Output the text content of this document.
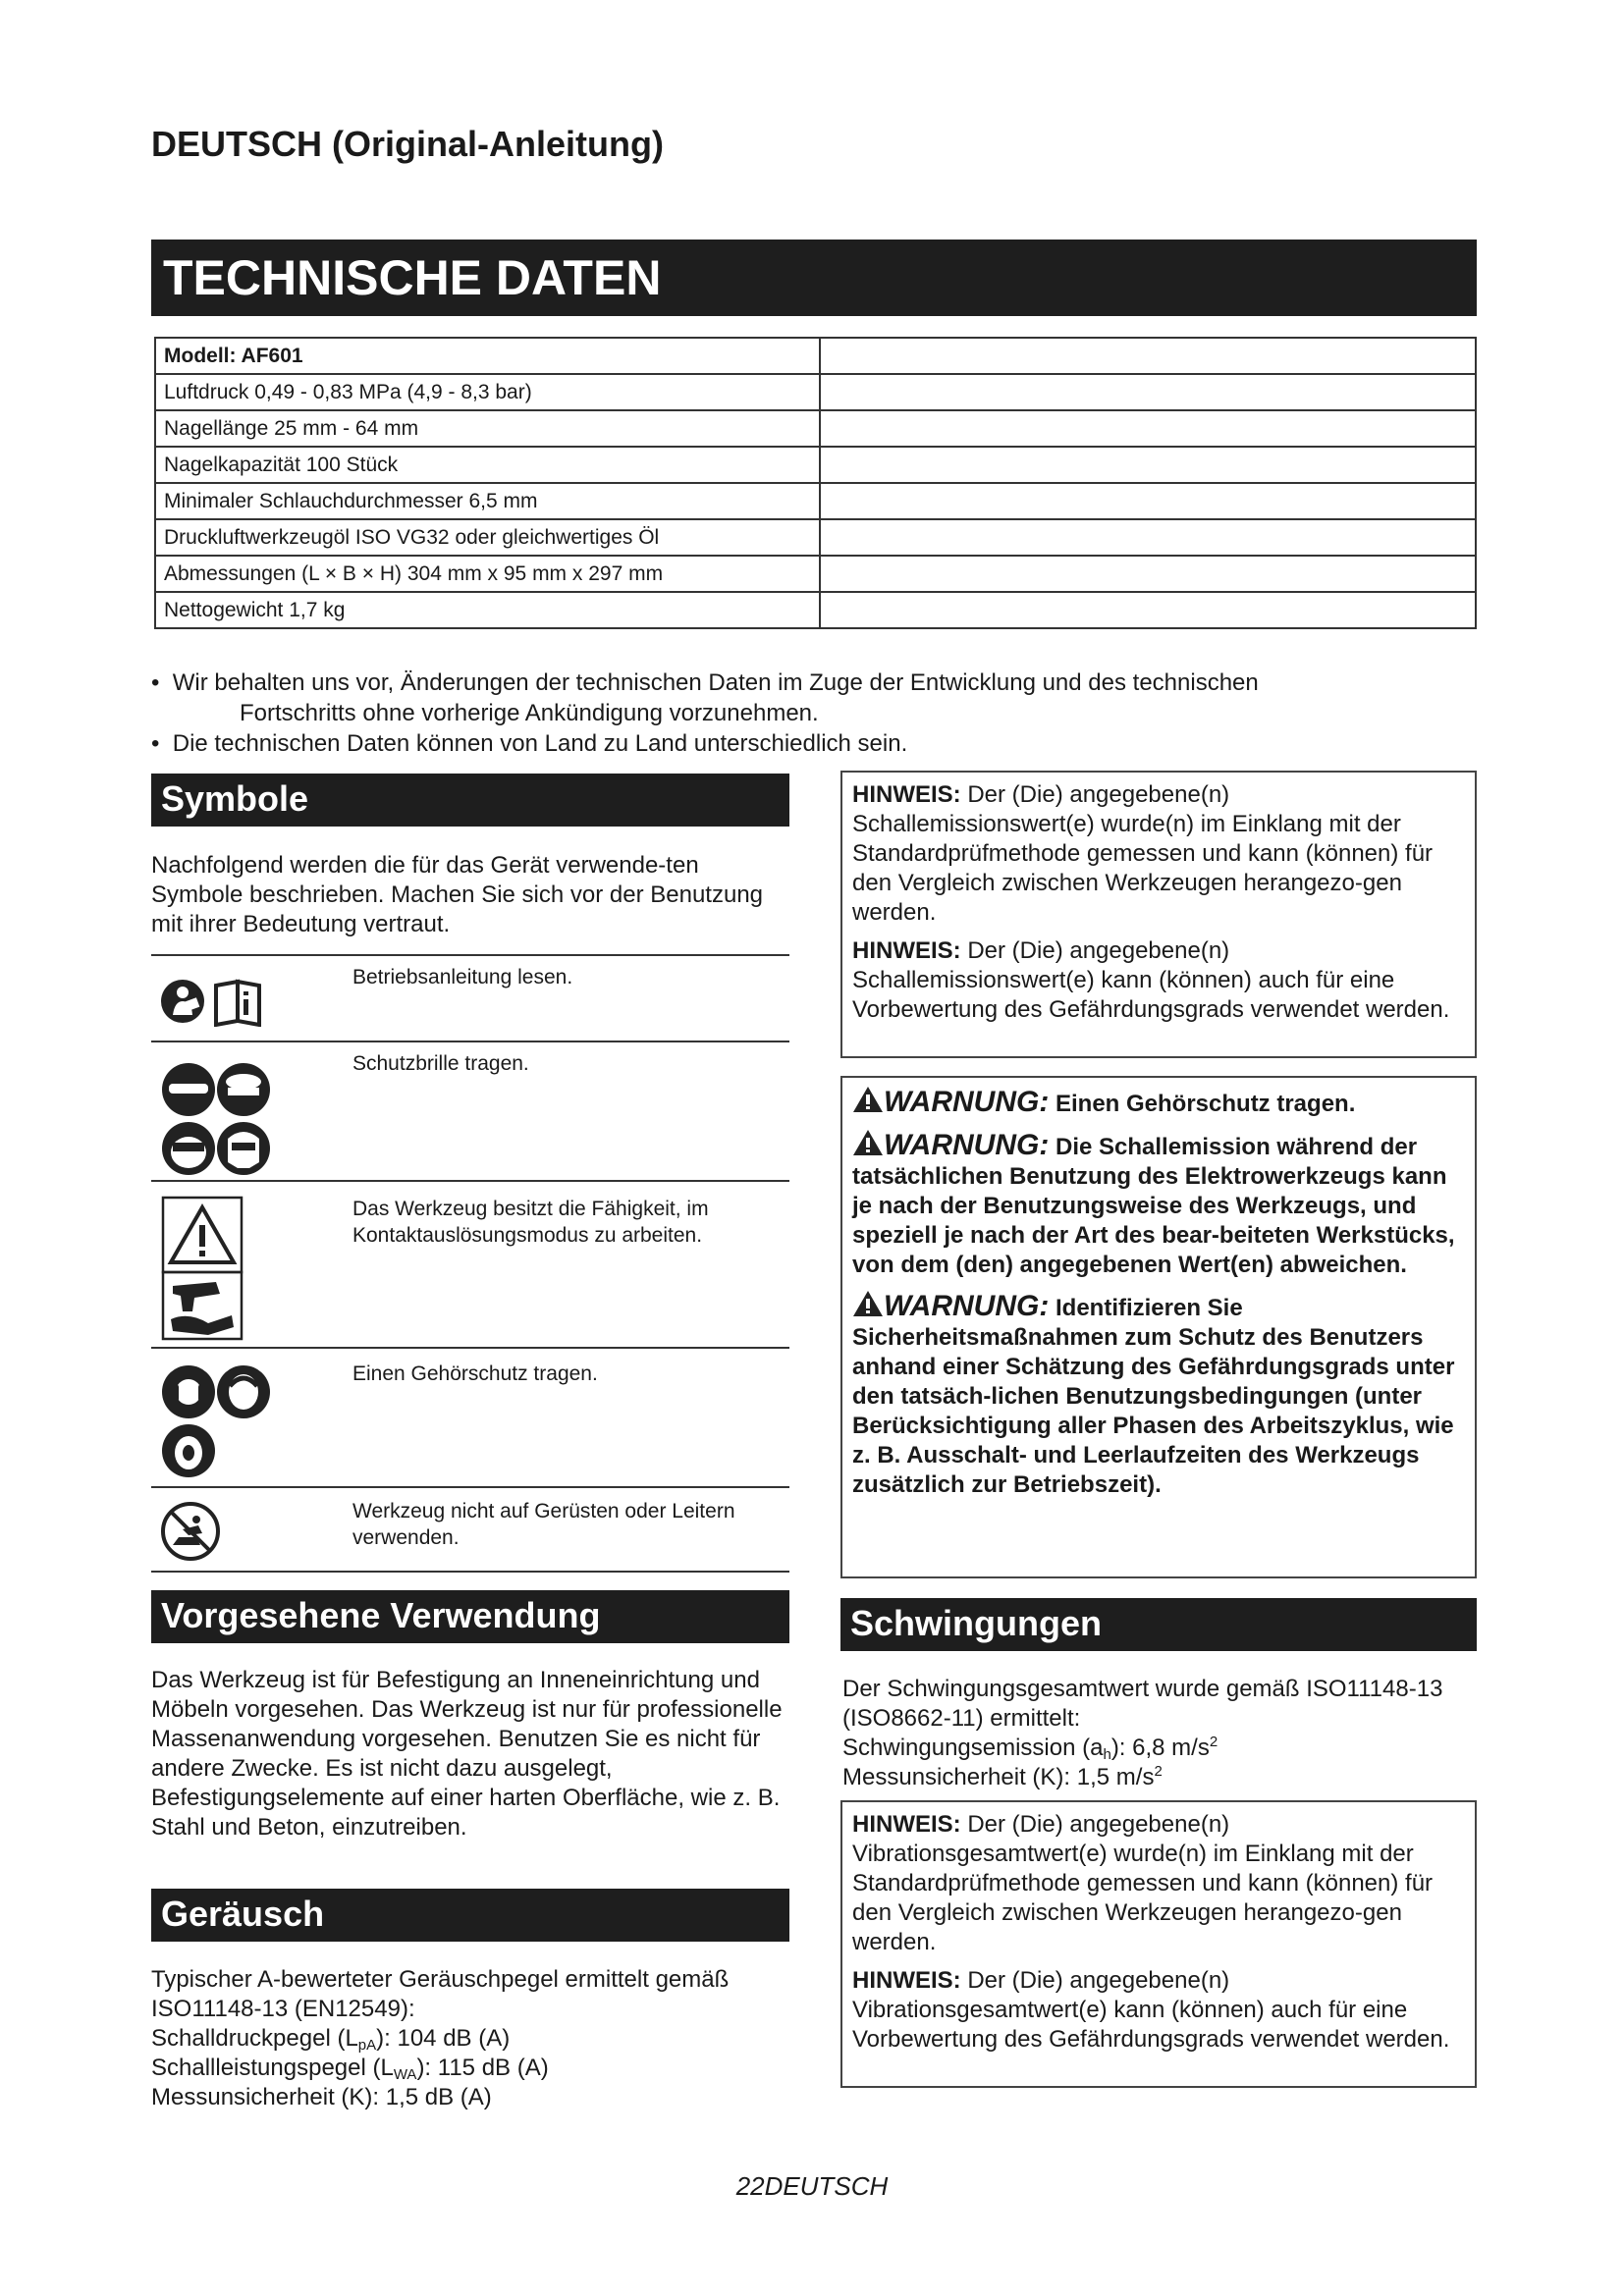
DEUTSCH (Original-Anleitung)
TECHNISCHE DATEN
Modell: AF601	
Luftdruck 0,49 - 0,83 MPa (4,9 - 8,3 bar)	
Nagellänge 25 mm - 64 mm	
Nagelkapazität 100 Stück	
Minimaler Schlauchdurchmesser 6,5 mm	
Druckluftwerkzeugöl ISO VG32 oder gleichwertiges Öl	
Abmessungen (L × B × H) 304 mm x 95 mm x 297 mm	
Nettogewicht 1,7 kg	
•  Wir behalten uns vor, Änderungen der technischen Daten im Zuge der Entwicklung und des technischen
Fortschritts ohne vorherige Ankündigung vorzunehmen.
•  Die technischen Daten können von Land zu Land unterschiedlich sein.
Symbole
Nachfolgend werden die für das Gerät verwende-ten Symbole beschrieben. Machen Sie sich vor der Benutzung mit ihrer Bedeutung vertraut.
Betriebsanleitung lesen.
Schutzbrille tragen.
Das Werkzeug besitzt die Fähigkeit, im Kontaktauslösungsmodus zu arbeiten.
Einen Gehörschutz tragen.
Werkzeug nicht auf Gerüsten oder Leitern verwenden.
Vorgesehene Verwendung
Das Werkzeug ist für Befestigung an Inneneinrichtung und Möbeln vorgesehen. Das Werkzeug ist nur für professionelle Massenanwendung vorgesehen. Benutzen Sie es nicht für andere Zwecke. Es ist nicht dazu ausgelegt, Befestigungselemente auf einer harten Oberfläche, wie z. B. Stahl und Beton, einzutreiben.
Geräusch
Typischer A-bewerteter Geräuschpegel ermittelt gemäß ISO11148-13 (EN12549):
Schalldruckpegel $(L_{pA})$: 104 dB (A)
Schallleistungspegel $(L_{WA})$: 115 dB (A)
Messunsicherheit (K): 1,5 dB (A)

HINWEIS: Der (Die) angegebene(n) Schallemissionswert(e) wurde(n) im Einklang mit der Standardprüfmethode gemessen und kann (können) für den Vergleich zwischen Werkzeugen herangezo-gen werden.

HINWEIS: Der (Die) angegebene(n) Schallemissionswert(e) kann (können) auch für eine Vorbewertung des Gefährdungsgrads verwendet werden.

WARNUNG: Einen Gehörschutz tragen.

WARNUNG: Die Schallemission während der tatsächlichen Benutzung des Elektrowerkzeugs kann je nach der Benutzungsweise des Werkzeugs, und speziell je nach der Art des bear-beiteten Werkstücks, von dem (den) angegebenen Wert(en) abweichen.

WARNUNG: Identifizieren Sie Sicherheitsmaßnahmen zum Schutz des Benutzers anhand einer Schätzung des Gefährdungsgrads unter den tatsäch-lichen Benutzungsbedingungen (unter Berücksichtigung aller Phasen des Arbeitszyklus, wie z. B. Ausschalt- und Leerlaufzeiten des Werkzeugs zusätzlich zur Betriebszeit).

Schwingungen
Der Schwingungsgesamtwert wurde gemäß ISO11148-13 (ISO8662-11) ermittelt:
Schwingungsemission $(a_h)$: 6,8 $m/s^2$
Messunsicherheit (K): 1,5 $m/s^2$

HINWEIS: Der (Die) angegebene(n) Vibrationsgesamtwert(e) wurde(n) im Einklang mit der Standardprüfmethode gemessen und kann (können) für den Vergleich zwischen Werkzeugen herangezo-gen werden.

HINWEIS: Der (Die) angegebene(n) Vibrationsgesamtwert(e) kann (können) auch für eine Vorbewertung des Gefährdungsgrads verwendet werden.

22DEUTSCH
